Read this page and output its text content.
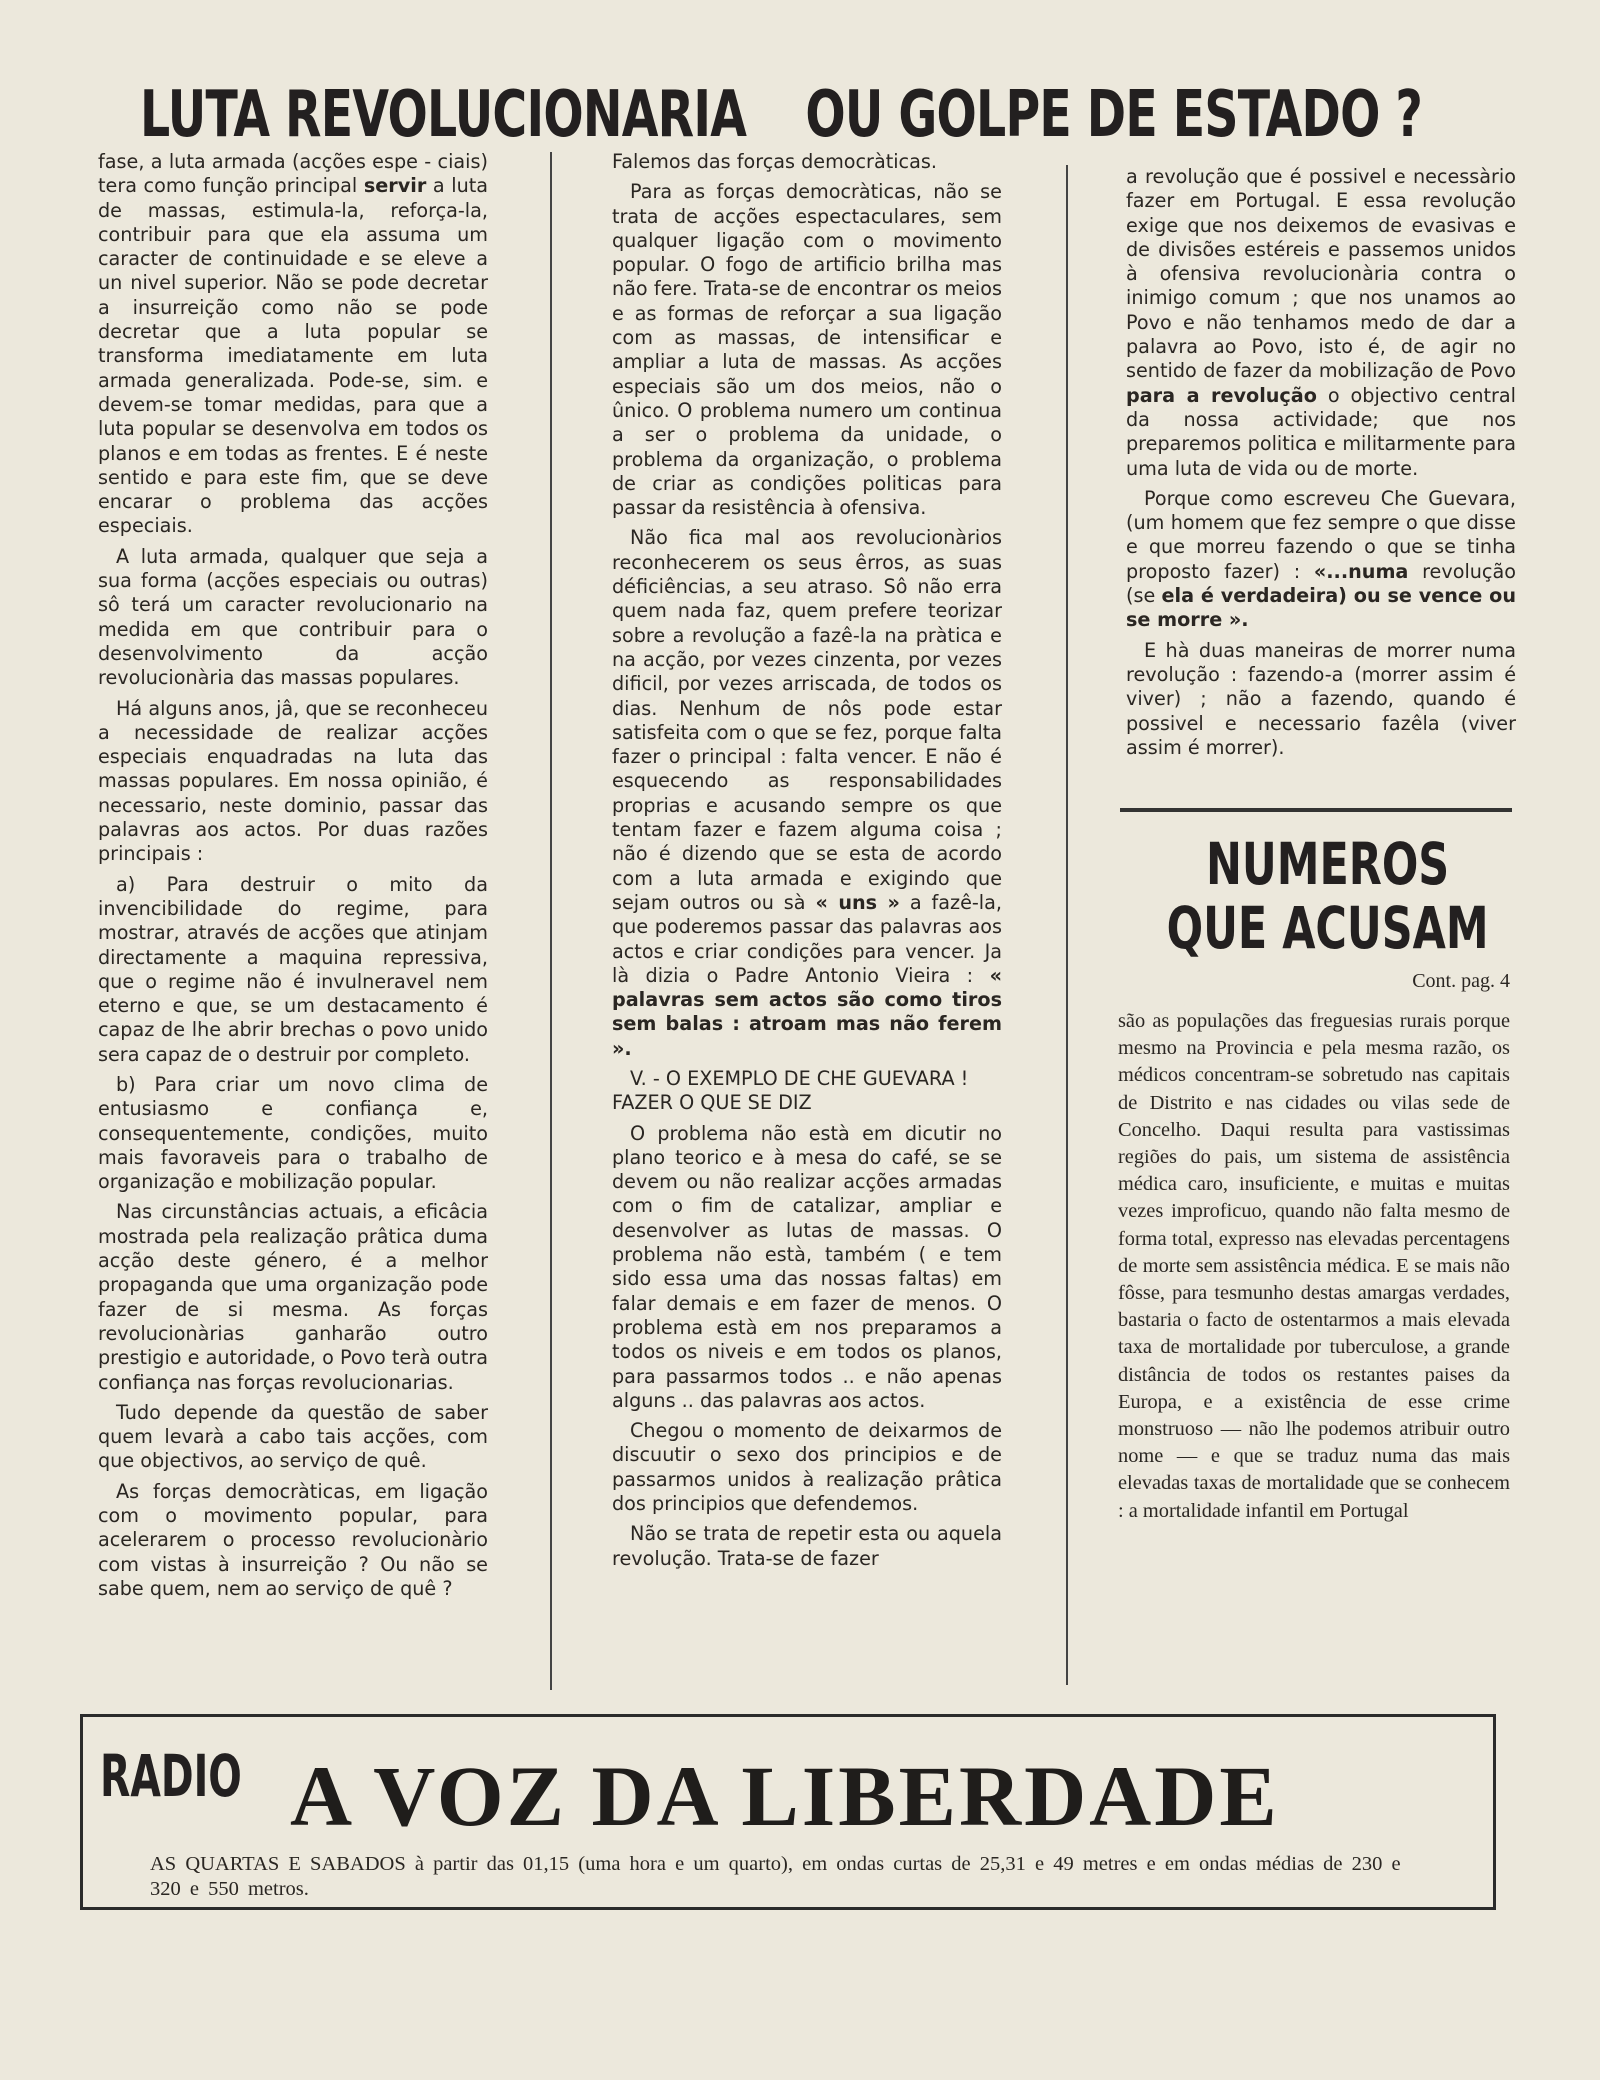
LUTA REVOLUCIONARIA OU GOLPE DE ESTADO ?

fase, a luta armada (acções espe - ciais) tera como função principal servir a luta de massas, estimula-la, reforça-la, contribuir para que ela assuma um caracter de continuidade e se eleve a un nivel superior. Não se pode decretar a insurreição como não se pode decretar que a luta popular se transforma imediatamente em luta armada generalizada. Pode-se, sim. e devem-se tomar medidas, para que a luta popular se desenvolva em todos os planos e em todas as frentes. E é neste sentido e para este fim, que se deve encarar o problema das acções especiais.

A luta armada, qualquer que seja a sua forma (acções especiais ou outras) sô terá um caracter revolucionario na medida em que contribuir para o desenvolvimento da acção revolucionària das massas populares.

Há alguns anos, jâ, que se reconheceu a necessidade de realizar acções especiais enquadradas na luta das massas populares. Em nossa opinião, é necessario, neste dominio, passar das palavras aos actos. Por duas razões principais :

a) Para destruir o mito da invencibilidade do regime, para mostrar, através de acções que atinjam directamente a maquina repressiva, que o regime não é invulneravel nem eterno e que, se um destacamento é capaz de lhe abrir brechas o povo unido sera capaz de o destruir por completo.

b) Para criar um novo clima de entusiasmo e confiança e, consequentemente, condições, muito mais favoraveis para o trabalho de organização e mobilização popular.

Nas circunstâncias actuais, a eficâcia mostrada pela realização prâtica duma acção deste género, é a melhor propaganda que uma organização pode fazer de si mesma. As forças revolucionàrias ganharão outro prestigio e autoridade, o Povo terà outra confiança nas forças revolucionarias.

Tudo depende da questão de saber quem levarà a cabo tais acções, com que objectivos, ao serviço de quê.

As forças democràticas, em ligação com o movimento popular, para acelerarem o processo revolucionàrio com vistas à insurreição ? Ou não se sabe quem, nem ao serviço de quê ?

Falemos das forças democràticas.

Para as forças democràticas, não se trata de acções espectaculares, sem qualquer ligação com o movimento popular. O fogo de artificio brilha mas não fere. Trata-se de encontrar os meios e as formas de reforçar a sua ligação com as massas, de intensificar e ampliar a luta de massas. As acções especiais são um dos meios, não o ûnico. O problema numero um continua a ser o problema da unidade, o problema da organização, o problema de criar as condições politicas para passar da resistência à ofensiva.

Não fica mal aos revolucionàrios reconhecerem os seus êrros, as suas déficiências, a seu atraso. Sô não erra quem nada faz, quem prefere teorizar sobre a revolução a fazê-la na pràtica e na acção, por vezes cinzenta, por vezes dificil, por vezes arriscada, de todos os dias. Nenhum de nôs pode estar satisfeita com o que se fez, porque falta fazer o principal : falta vencer. E não é esquecendo as responsabilidades proprias e acusando sempre os que tentam fazer e fazem alguma coisa ; não é dizendo que se esta de acordo com a luta armada e exigindo que sejam outros ou sà « uns » a fazê-la, que poderemos passar das palavras aos actos e criar condições para vencer. Ja là dizia o Padre Antonio Vieira : « palavras sem actos são como tiros sem balas : atroam mas não ferem ».

V. - O EXEMPLO DE CHE GUEVARA ! FAZER O QUE SE DIZ

O problema não està em dicutir no plano teorico e à mesa do café, se se devem ou não realizar acções armadas com o fim de catalizar, ampliar e desenvolver as lutas de massas. O problema não està, também ( e tem sido essa uma das nossas faltas) em falar demais e em fazer de menos. O problema està em nos preparamos a todos os niveis e em todos os planos, para passarmos todos .. e não apenas alguns .. das palavras aos actos.

Chegou o momento de deixarmos de discuutir o sexo dos principios e de passarmos unidos à realização prâtica dos principios que defendemos.

Não se trata de repetir esta ou aquela revolução. Trata-se de fazer

a revolução que é possivel e necessàrio fazer em Portugal. E essa revolução exige que nos deixemos de evasivas e de divisões estéreis e passemos unidos à ofensiva revolucionària contra o inimigo comum ; que nos unamos ao Povo e não tenhamos medo de dar a palavra ao Povo, isto é, de agir no sentido de fazer da mobilização de Povo para a revolução o objectivo central da nossa actividade; que nos preparemos politica e militarmente para uma luta de vida ou de morte.

Porque como escreveu Che Guevara, (um homem que fez sempre o que disse e que morreu fazendo o que se tinha proposto fazer) : «...numa revolução (se ela é verdadeira) ou se vence ou se morre ».

E hà duas maneiras de morrer numa revolução : fazendo-a (morrer assim é viver) ; não a fazendo, quando é possivel e necessario fazêla (viver assim é morrer).

NUMEROS
QUE ACUSAM
Cont. pag. 4

são as populações das freguesias rurais porque mesmo na Provincia e pela mesma razão, os médicos concentram-se sobretudo nas capitais de Distrito e nas cidades ou vilas sede de Concelho. Daqui resulta para vastissimas regiões do pais, um sistema de assistência médica caro, insuficiente, e muitas e muitas vezes improficuo, quando não falta mesmo de forma total, expresso nas elevadas percentagens de morte sem assistência médica. E se mais não fôsse, para tesmunho destas amargas verdades, bastaria o facto de ostentarmos a mais elevada taxa de mortalidade por tuberculose, a grande distância de todos os restantes paises da Europa, e a existência de esse crime monstruoso — não lhe podemos atribuir outro nome — e que se traduz numa das mais elevadas taxas de mortalidade que se conhecem : a mortalidade infantil em Portugal

RADIO A VOZ DA LIBERDADE

AS QUARTAS E SABADOS à partir das 01,15 (uma hora e um quarto), em ondas curtas de 25,31 e 49 metres e em ondas médias de 230 e 320 e 550 metros.
